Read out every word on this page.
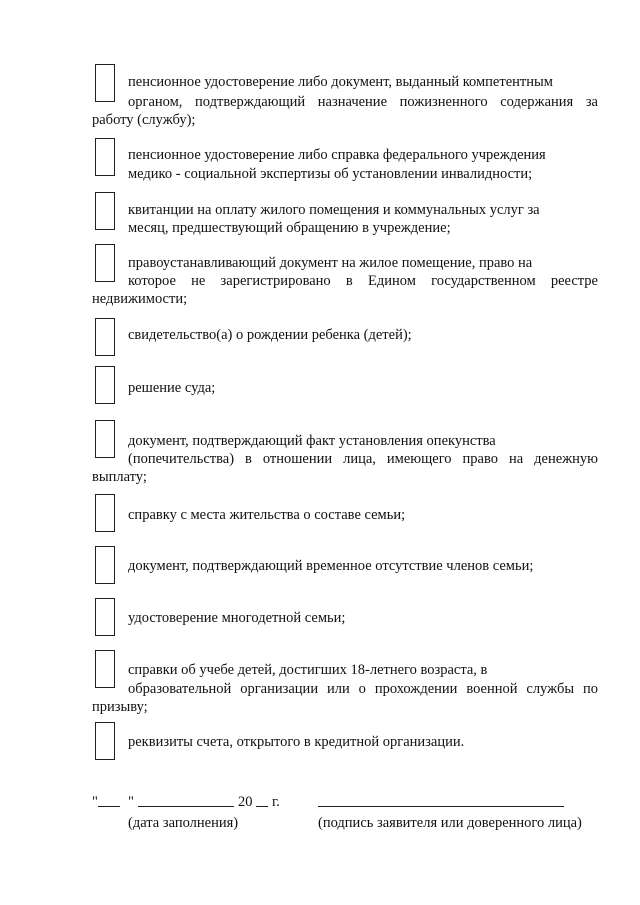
пенсионное удостоверение либо документ, выданный компетентным
органом, подтверждающий назначение пожизненного содержания за
работу (службу);
пенсионное удостоверение либо справка федерального учреждения
медико - социальной экспертизы об установлении инвалидности;
квитанции на оплату жилого помещения и коммунальных услуг за
месяц, предшествующий обращению в учреждение;
правоустанавливающий документ на жилое помещение, право на
которое не зарегистрировано в Едином государственном реестре
недвижимости;
свидетельство(а) о рождении ребенка (детей);
решение суда;
документ, подтверждающий факт установления опекунства
(попечительства) в отношении лица, имеющего право на денежную
выплату;
справку с места жительства о составе семьи;
документ, подтверждающий временное отсутствие членов семьи;
удостоверение многодетной семьи;
справки об учебе детей, достигших 18-летнего возраста, в
образовательной организации или о прохождении военной службы по
призыву;
реквизиты счета, открытого в кредитной организации.
" "	20 г.
(дата заполнения)	(подпись заявителя или доверенного лица)
